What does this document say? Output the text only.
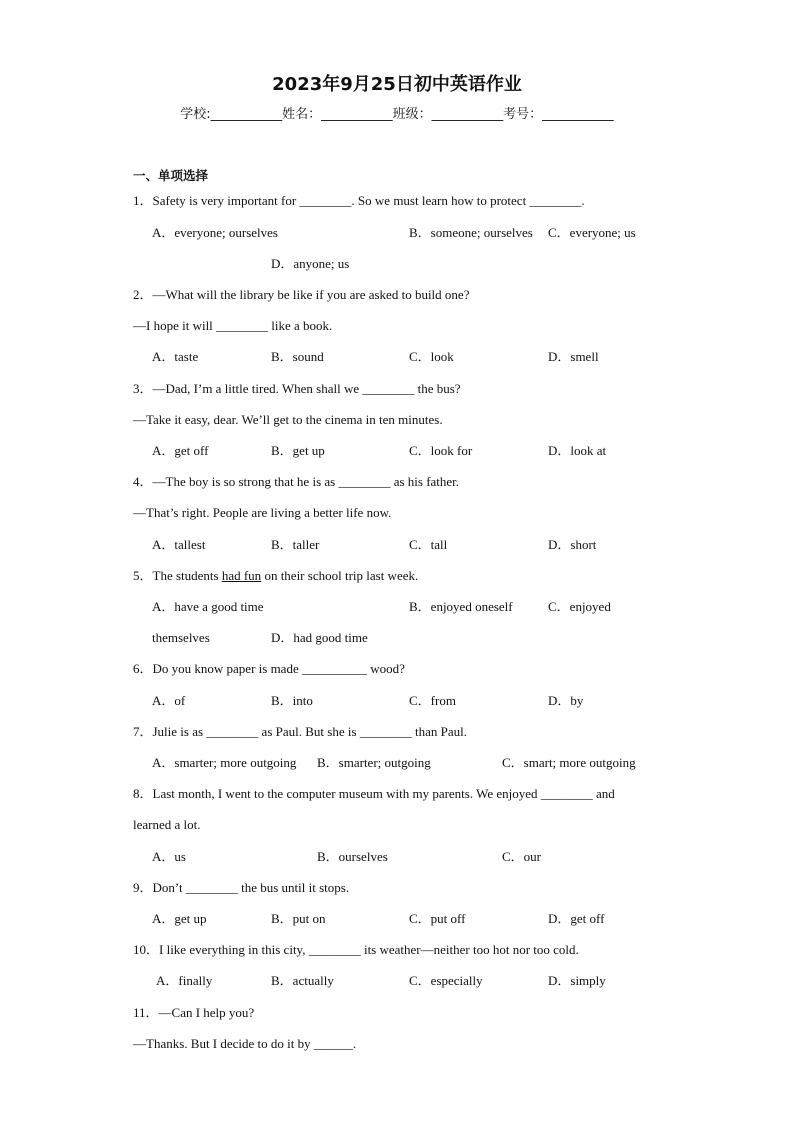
2023年9月25日初中英语作业
学校:___________姓名：___________班级：___________考号：___________
一、单项选择
1．Safety is very important for ________. So we must learn how to protect ________.
A．everyone; ourselves	B．someone; ourselves C．everyone; us
D．anyone; us
2．—What will the library be like if you are asked to build one?
—I hope it will ________ like a book.
A．taste	B．sound	C．look	D．smell
3．—Dad, I’m a little tired. When shall we ________ the bus?
—Take it easy, dear. We’ll get to the cinema in ten minutes.
A．get off	B．get up	C．look for	D．look at
4．—The boy is so strong that he is as ________ as his father.
—That’s right. People are living a better life now.
A．tallest	B．taller	C．tall	D．short
5．The students had fun on their school trip last week.
A．have a good time	B．enjoyed oneself	C．enjoyed
themselves	D．had good time
6．Do you know paper is made __________ wood?
A．of	B．into	C．from	D．by
7．Julie is as ________ as Paul. But she is ________ than Paul.
A．smarter; more outgoing B．smarter; outgoing	C．smart; more outgoing
8．Last month, I went to the computer museum with my parents. We enjoyed ________ and
learned a lot.
A．us	B．ourselves	C．our
9．Don’t ________ the bus until it stops.
A．get up	B．put on	C．put off	D．get off
10．I like everything in this city, ________ its weather—neither too hot nor too cold.
A．finally	B．actually	C．especially	D．simply
11．—Can I help you?
—Thanks. But I decide to do it by ______.
